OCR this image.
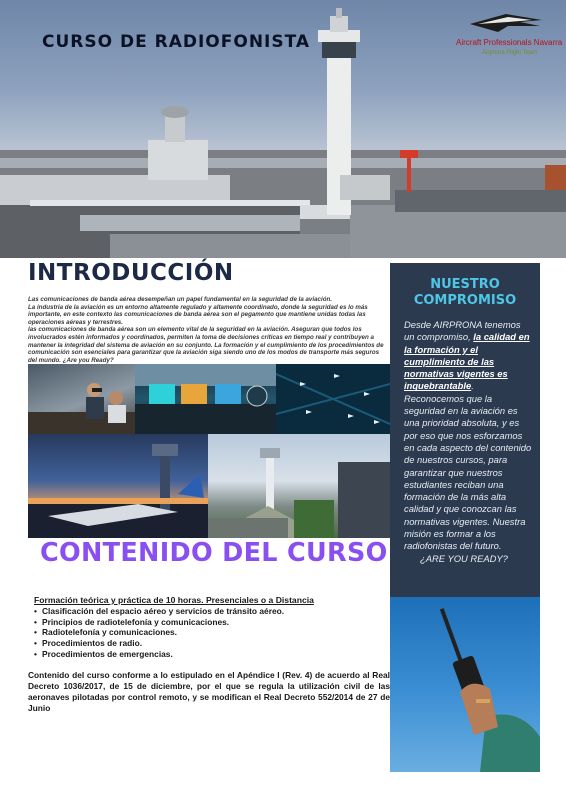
CURSO DE RADIOFONISTA	Aircraft Professionals Navarra
Airprona Flight Team
INTRODUCCIÓN
Las comunicaciones de banda aérea desempeñan un papel fundamental en la seguridad de la aviación.
La industria de la aviación es un entorno altamente regulado y altamente coordinado, donde la seguridad es lo más importante, en este contexto las comunicaciones de banda aérea son el pegamento que mantiene unidas todas las operaciones aéreas y terrestres.
las comunicaciones de banda aérea son un elemento vital de la seguridad en la aviación. Aseguran que todos los involucrados estén informados y coordinados, permiten la toma de decisiones críticas en tiempo real y contribuyen a mantener la integridad del sistema de aviación en su conjunto. La formación y el cumplimiento de los procedimientos de comunicación son esenciales para garantizar que la aviación siga siendo uno de los modos de transporte más seguros del mundo. ¿Are you Ready?
NUESTRO COMPROMISO
Desde AIRPRONA tenemos un compromiso, la calidad en la formación y el cumplimiento de las normativas vigentes es inquebrantable. Reconocemos que la seguridad en la aviación es una prioridad absoluta, y es por eso que nos esforzamos en cada aspecto del contenido de nuestros cursos, para garantizar que nuestros estudiantes reciban una formación de la más alta calidad y que conozcan las normativas vigentes. Nuestra misión es formar a los radiofonistas del futuro.
¿ARE YOU READY?
CONTENIDO DEL CURSO
Formación teórica y práctica de 10 horas. Presenciales o a Distancia
• Clasificación del espacio aéreo y servicios de tránsito aéreo.
• Principios de radiotelefonía y comunicaciones.
• Radiotelefonía y comunicaciones.
• Procedimientos de radio.
• Procedimientos de emergencias.
Contenido del curso conforme a lo estipulado en el Apéndice I (Rev. 4) de acuerdo al Real Decreto 1036/2017, de 15 de diciembre, por el que se regula la utilización civil de las aeronaves pilotadas por control remoto, y se modifican el Real Decreto 552/2014 de 27 de Junio
